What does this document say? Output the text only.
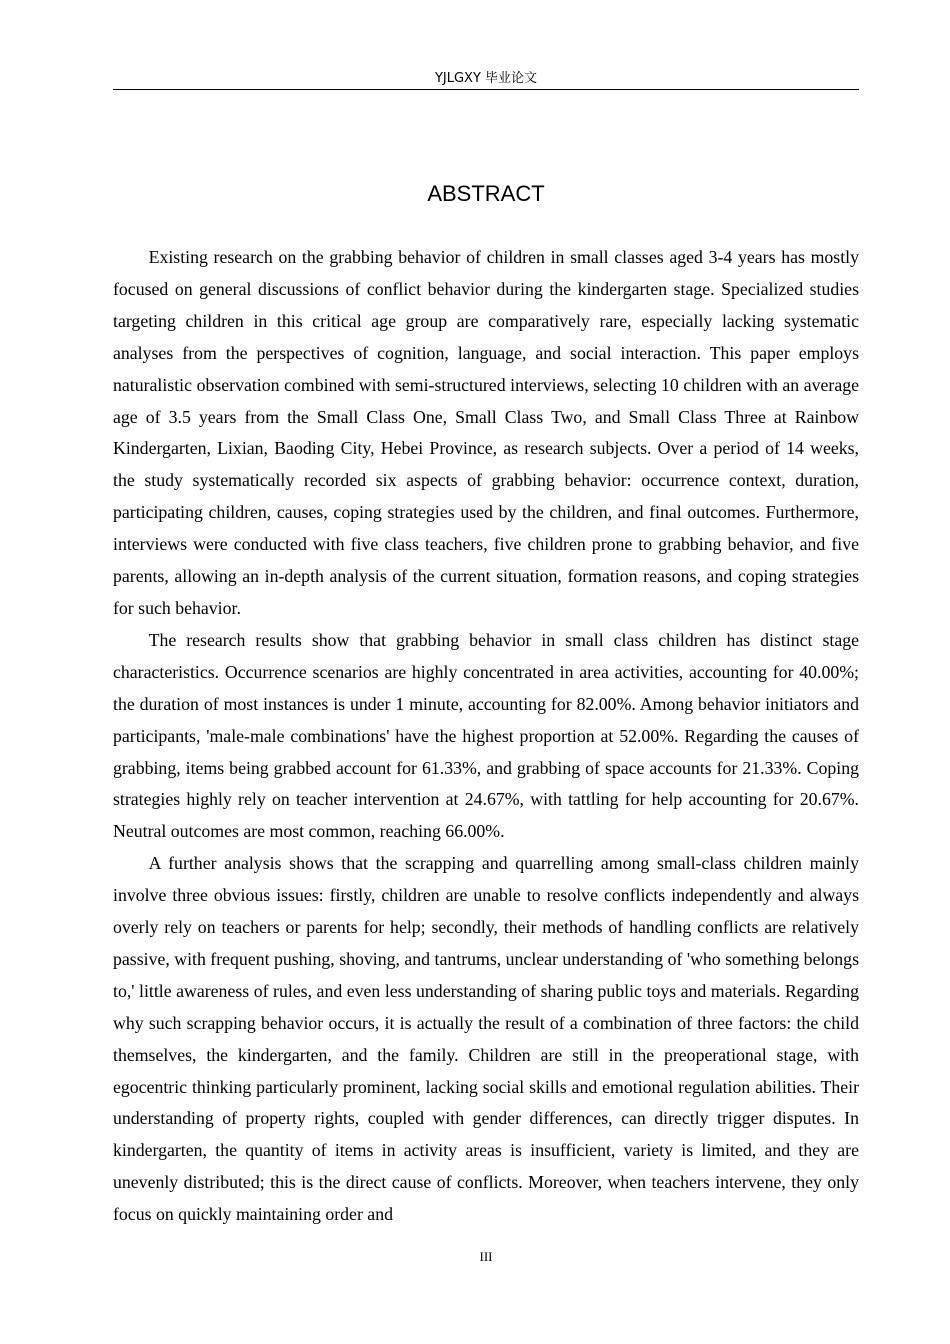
YJLGXY 毕业论文
ABSTRACT

Existing research on the grabbing behavior of children in small classes aged 3-4 years has mostly focused on general discussions of conflict behavior during the kindergarten stage. Specialized studies targeting children in this critical age group are comparatively rare, especially lacking systematic analyses from the perspectives of cognition, language, and social interaction. This paper employs naturalistic observation combined with semi-structured interviews, selecting 10 children with an average age of 3.5 years from the Small Class One, Small Class Two, and Small Class Three at Rainbow Kindergarten, Lixian, Baoding City, Hebei Province, as research subjects. Over a period of 14 weeks, the study systematically recorded six aspects of grabbing behavior: occurrence context, duration, participating children, causes, coping strategies used by the children, and final outcomes. Furthermore, interviews were conducted with five class teachers, five children prone to grabbing behavior, and five parents, allowing an in-depth analysis of the current situation, formation reasons, and coping strategies for such behavior.

The research results show that grabbing behavior in small class children has distinct stage characteristics. Occurrence scenarios are highly concentrated in area activities, accounting for 40.00%; the duration of most instances is under 1 minute, accounting for 82.00%. Among behavior initiators and participants, 'male-male combinations' have the highest proportion at 52.00%. Regarding the causes of grabbing, items being grabbed account for 61.33%, and grabbing of space accounts for 21.33%. Coping strategies highly rely on teacher intervention at 24.67%, with tattling for help accounting for 20.67%. Neutral outcomes are most common, reaching 66.00%.

A further analysis shows that the scrapping and quarrelling among small-class children mainly involve three obvious issues: firstly, children are unable to resolve conflicts independently and always overly rely on teachers or parents for help; secondly, their methods of handling conflicts are relatively passive, with frequent pushing, shoving, and tantrums, unclear understanding of 'who something belongs to,' little awareness of rules, and even less understanding of sharing public toys and materials. Regarding why such scrapping behavior occurs, it is actually the result of a combination of three factors: the child themselves, the kindergarten, and the family. Children are still in the preoperational stage, with egocentric thinking particularly prominent, lacking social skills and emotional regulation abilities. Their understanding of property rights, coupled with gender differences, can directly trigger disputes. In kindergarten, the quantity of items in activity areas is insufficient, variety is limited, and they are unevenly distributed; this is the direct cause of conflicts. Moreover, when teachers intervene, they only focus on quickly maintaining order and

III
